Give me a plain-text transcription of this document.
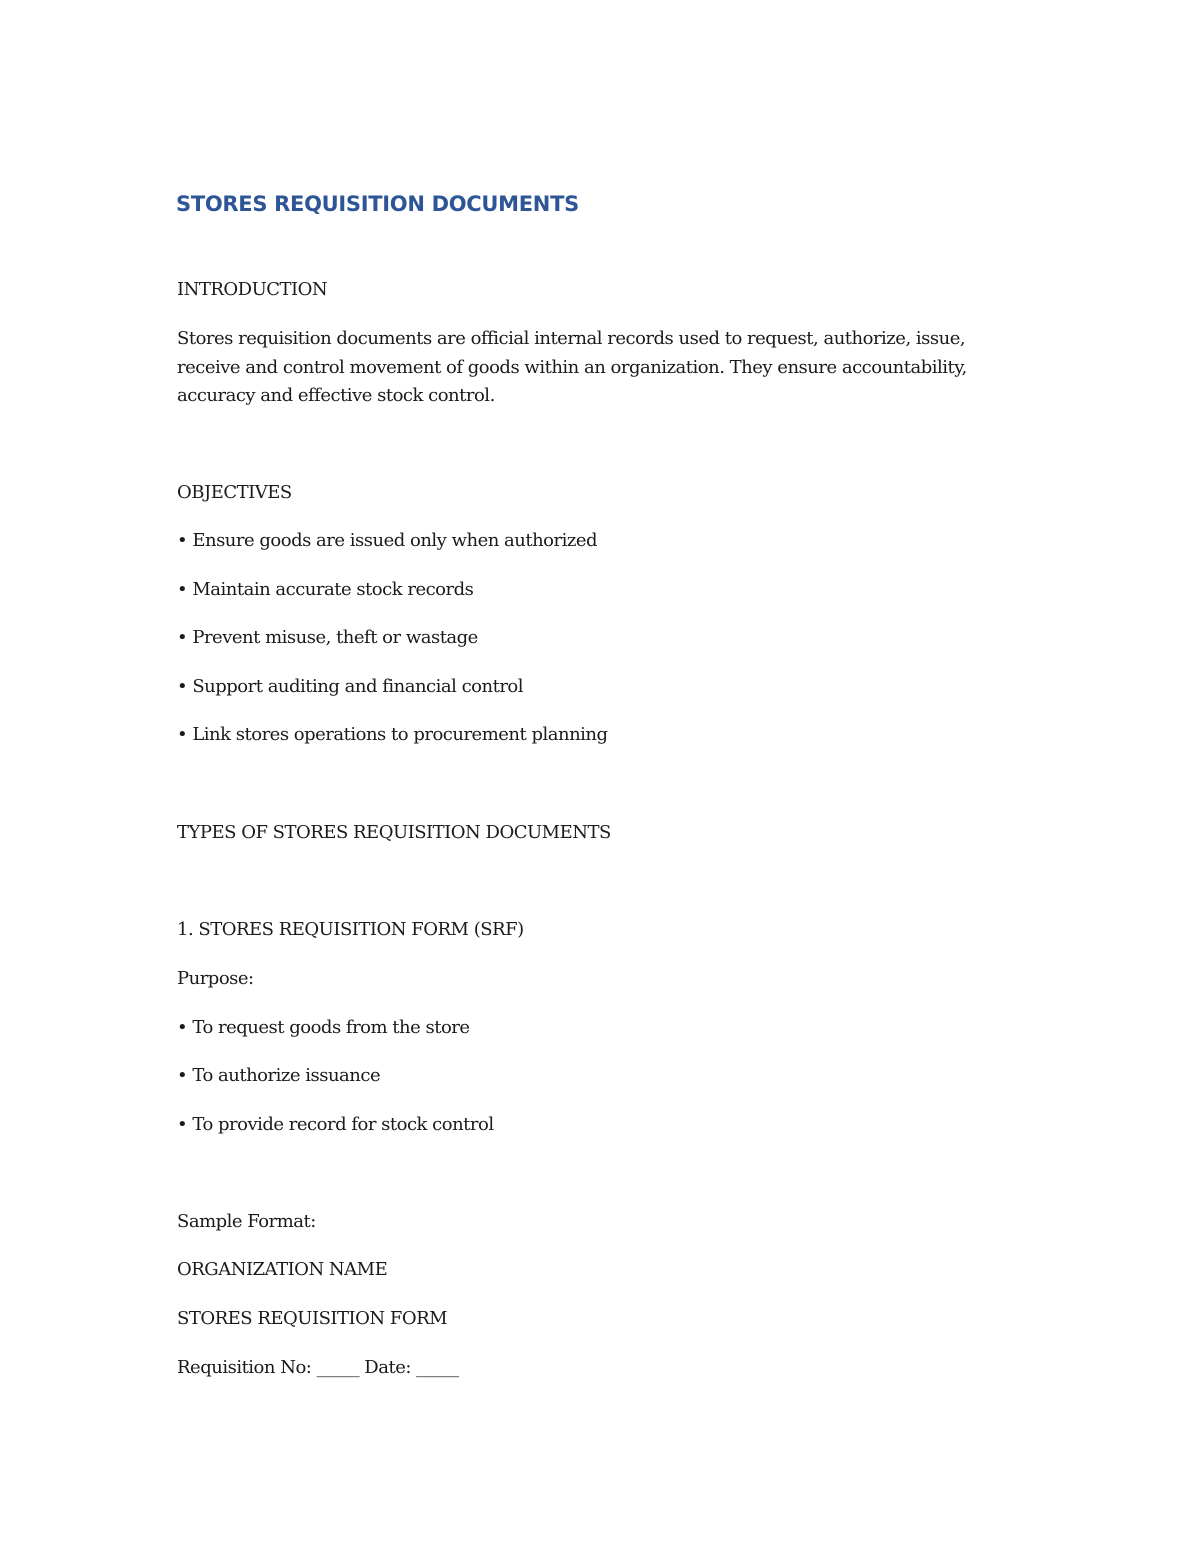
STORES REQUISITION DOCUMENTS
INTRODUCTION
Stores requisition documents are official internal records used to request, authorize, issue,
receive and control movement of goods within an organization. They ensure accountability,
accuracy and effective stock control.
OBJECTIVES
• Ensure goods are issued only when authorized
• Maintain accurate stock records
• Prevent misuse, theft or wastage
• Support auditing and financial control
• Link stores operations to procurement planning
TYPES OF STORES REQUISITION DOCUMENTS
1. STORES REQUISITION FORM (SRF)
Purpose:
• To request goods from the store
• To authorize issuance
• To provide record for stock control
Sample Format:
ORGANIZATION NAME
STORES REQUISITION FORM
Requisition No: _____ Date: _____
